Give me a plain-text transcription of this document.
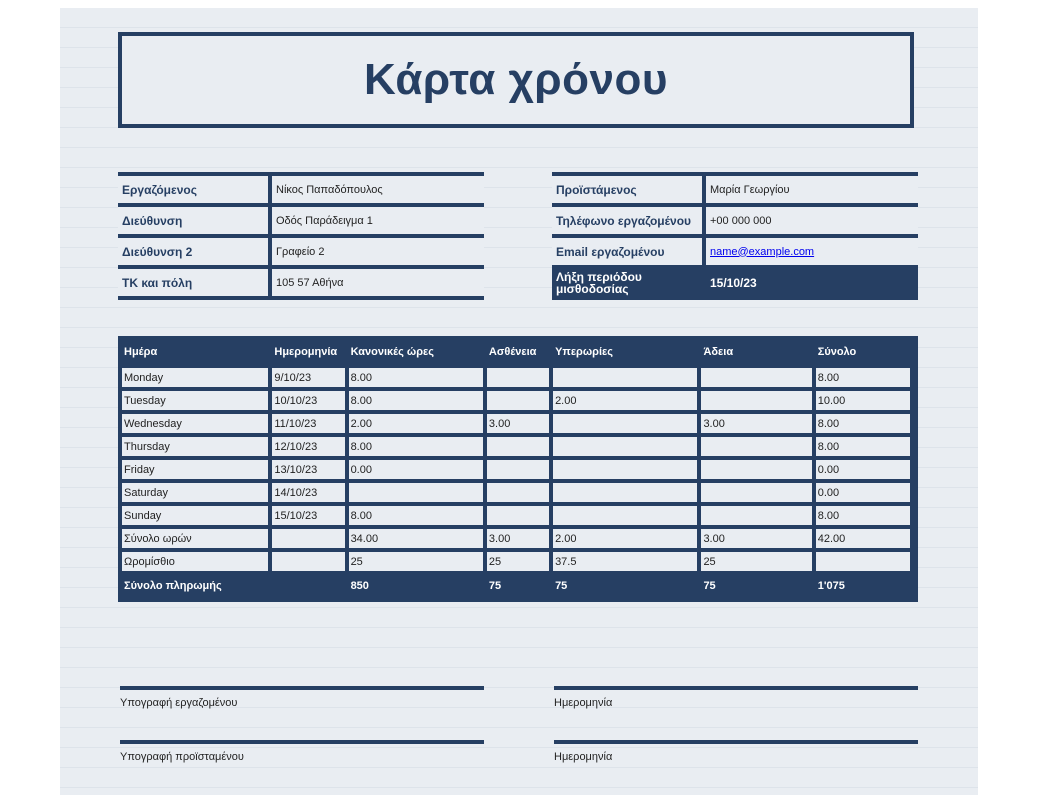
Κάρτα χρόνου
Εργαζόμενος	Νίκος Παπαδόπουλος
Διεύθυνση	Οδός Παράδειγμα 1
Διεύθυνση 2	Γραφείο 2
ΤΚ και πόλη	105 57 Αθήνα
Προϊστάμενος	Μαρία Γεωργίου
Τηλέφωνο εργαζομένου	+00 000 000
Email εργαζομένου	name@example.com
Λήξη περιόδου μισθοδοσίας	15/10/23
Ημέρα	Ημερομηνία	Κανονικές ώρες	Ασθένεια	Υπερωρίες	Άδεια	Σύνολο
Monday	9/10/23	8.00				8.00
Tuesday	10/10/23	8.00		2.00		10.00
Wednesday	11/10/23	2.00	3.00		3.00	8.00
Thursday	12/10/23	8.00				8.00
Friday	13/10/23	0.00				0.00
Saturday	14/10/23					0.00
Sunday	15/10/23	8.00				8.00
Σύνολο ωρών		34.00	3.00	2.00	3.00	42.00
Ωρομίσθιο		25	25	37.5	25	
Σύνολο πληρωμής		850	75	75	75	1'075
Υπογραφή εργαζομένου	Ημερομηνία
Υπογραφή προϊσταμένου	Ημερομηνία
